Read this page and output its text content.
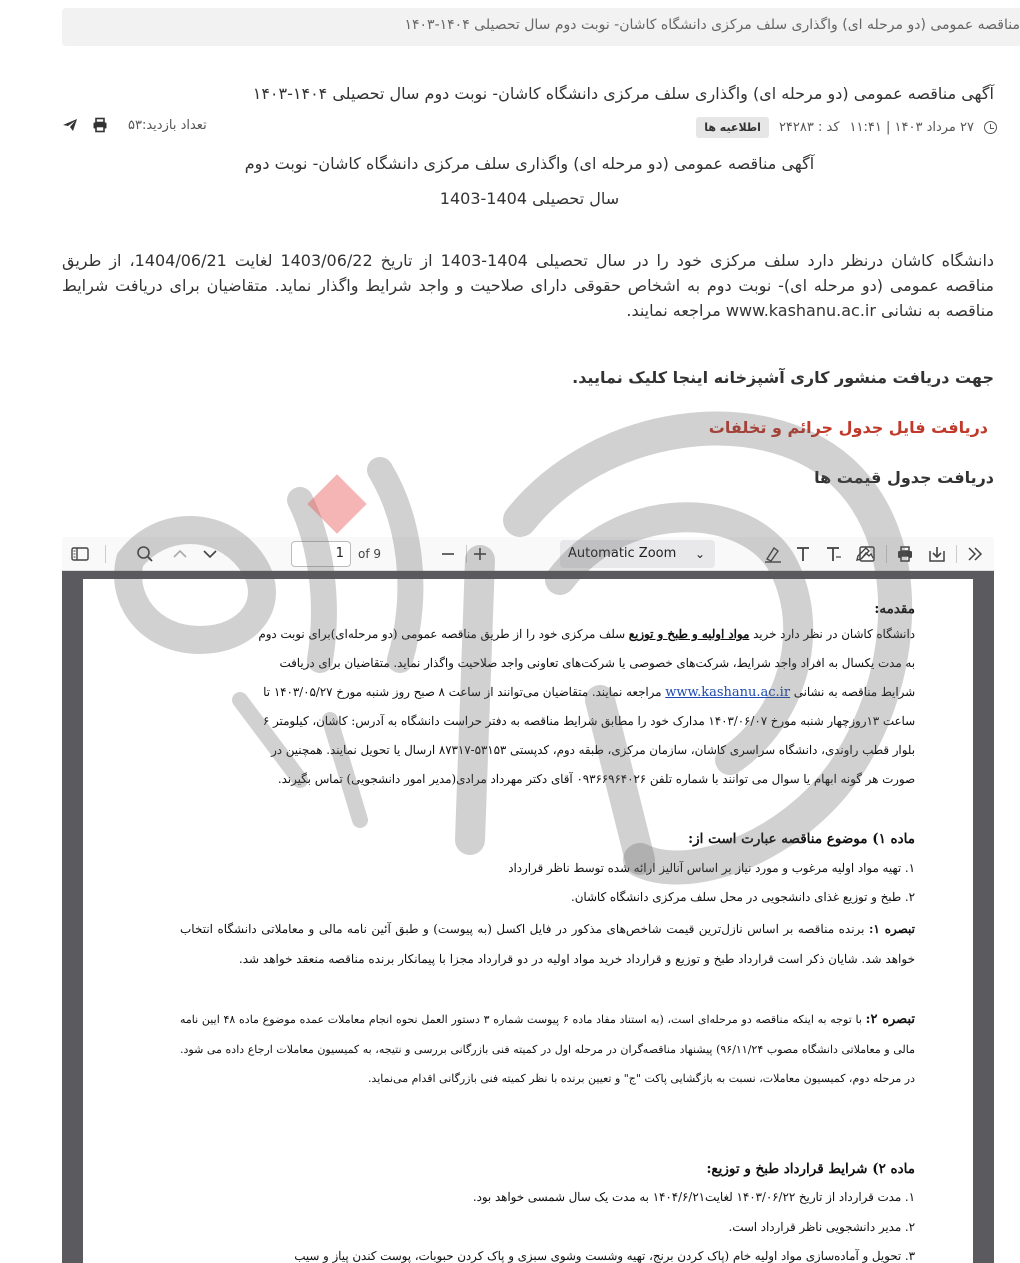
مناقصه عمومی (دو مرحله ای) واگذاری سلف مرکزی دانشگاه کاشان- نوبت دوم سال تحصیلی ۱۴۰۴-۱۴۰۳
آگهی مناقصه عمومی (دو مرحله ای) واگذاری سلف مرکزی دانشگاه کاشان- نوبت دوم سال تحصیلی ۱۴۰۴-۱۴۰۳
۲۷ مرداد ۱۴۰۳ | ۱۱:۴۱
کد : ۲۴۲۸۳
اطلاعیه ها
تعداد بازدید:۵۳
آگهی مناقصه عمومی (دو مرحله ای) واگذاری سلف مرکزی دانشگاه کاشان- نوبت دوم
سال تحصیلی 1404-1403
دانشگاه کاشان درنظر دارد سلف مرکزی خود را در سال تحصیلی 1404-1403 از تاریخ 1403/06/22 لغایت 1404/06/21، از طریق مناقصه عمومی (دو مرحله ای)- نوبت دوم به اشخاص حقوقی دارای صلاحیت و واجد شرایط واگذار نماید. متقاضیان برای دریافت شرایط مناقصه به نشانی www.kashanu.ac.ir مراجعه نمایند.
جهت دریافت منشور کاری آشپزخانه اینجا کلیک نمایید.
دریافت فایل جدول جرائم و تخلفات
دریافت جدول قیمت ها
1	of 9	Automatic Zoom ⌄
مقدمه:
دانشگاه کاشان در نظر دارد خرید مواد اولیه و طبخ و توزیع سلف مرکزی خود را از طریق مناقصه عمومی (دو مرحله‌ای)برای نوبت دوم
به مدت یکسال به افراد واجد شرایط، شرکت‌های خصوصی یا شرکت‌های تعاونی واجد صلاحیت واگذار نماید. متقاضیان برای دریافت
شرایط مناقصه به نشانی www.kashanu.ac.ir مراجعه نمایند. متقاضیان می‌توانند از ساعت ۸ صبح روز شنبه مورخ ۱۴۰۳/۰۵/۲۷ تا
ساعت ۱۳روزچهار شنبه مورخ ۱۴۰۳/۰۶/۰۷ مدارک خود را مطابق شرایط مناقصه به دفتر حراست دانشگاه به آدرس: کاشان، کیلومتر ۶
بلوار قطب راوندی، دانشگاه سراسری کاشان، سازمان مرکزی، طبقه دوم، کدپستی ۵۳۱۵۳-۸۷۳۱۷ ارسال یا تحویل نمایند. همچنین در
صورت هر گونه ابهام یا سوال می توانند با شماره تلفن ۰۹۳۶۶۹۶۴۰۲۶ آقای دکتر مهرداد مرادی(مدیر امور دانشجویی) تماس بگیرند.
ماده ۱) موضوع مناقصه عبارت است از:
۱. تهیه مواد اولیه مرغوب و مورد نیاز بر اساس آنالیز ارائه شده توسط ناظر قرارداد
۲. طبخ و توزیع غذای دانشجویی در محل سلف مرکزی دانشگاه کاشان.
تبصره ۱: برنده مناقصه بر اساس نازل‌ترین قیمت شاخص‌های مذکور در فایل اکسل (به پیوست) و طبق آئین نامه مالی و معاملاتی دانشگاه انتخاب خواهد شد. شایان ذکر است قرارداد طبخ و توزیع و قرارداد خرید مواد اولیه در دو قرارداد مجزا با پیمانکار برنده مناقصه منعقد خواهد شد.
تبصره ۲: با توجه به اینکه مناقصه دو مرحله‌ای است، (به استناد مفاد ماده ۶ پیوست شماره ۳ دستور العمل نحوه انجام معاملات عمده موضوع ماده ۴۸ ایین نامه مالی و معاملاتی دانشگاه مصوب ۹۶/۱۱/۲۴) پیشنهاد مناقصه‌گران در مرحله اول در کمیته فنی بازرگانی بررسی و نتیجه، به کمیسیون معاملات ارجاع داده می شود. در مرحله دوم، کمیسیون معاملات، نسبت به بازگشایی پاکت "ج" و تعیین برنده با نظر کمیته فنی بازرگانی اقدام می‌نماید.
ماده ۲) شرایط قرارداد طبخ و توزیع:
۱. مدت قرارداد از تاریخ ۱۴۰۳/۰۶/۲۲ لغایت۱۴۰۴/۶/۲۱ به مدت یک سال شمسی خواهد بود.
۲. مدیر دانشجویی ناظر قرارداد است.
۳. تحویل و آماده‌سازی مواد اولیه خام (پاک کردن برنج، تهیه وشست وشوی سبزی و پاک کردن حبوبات، پوست کندن پیاز و سیب
